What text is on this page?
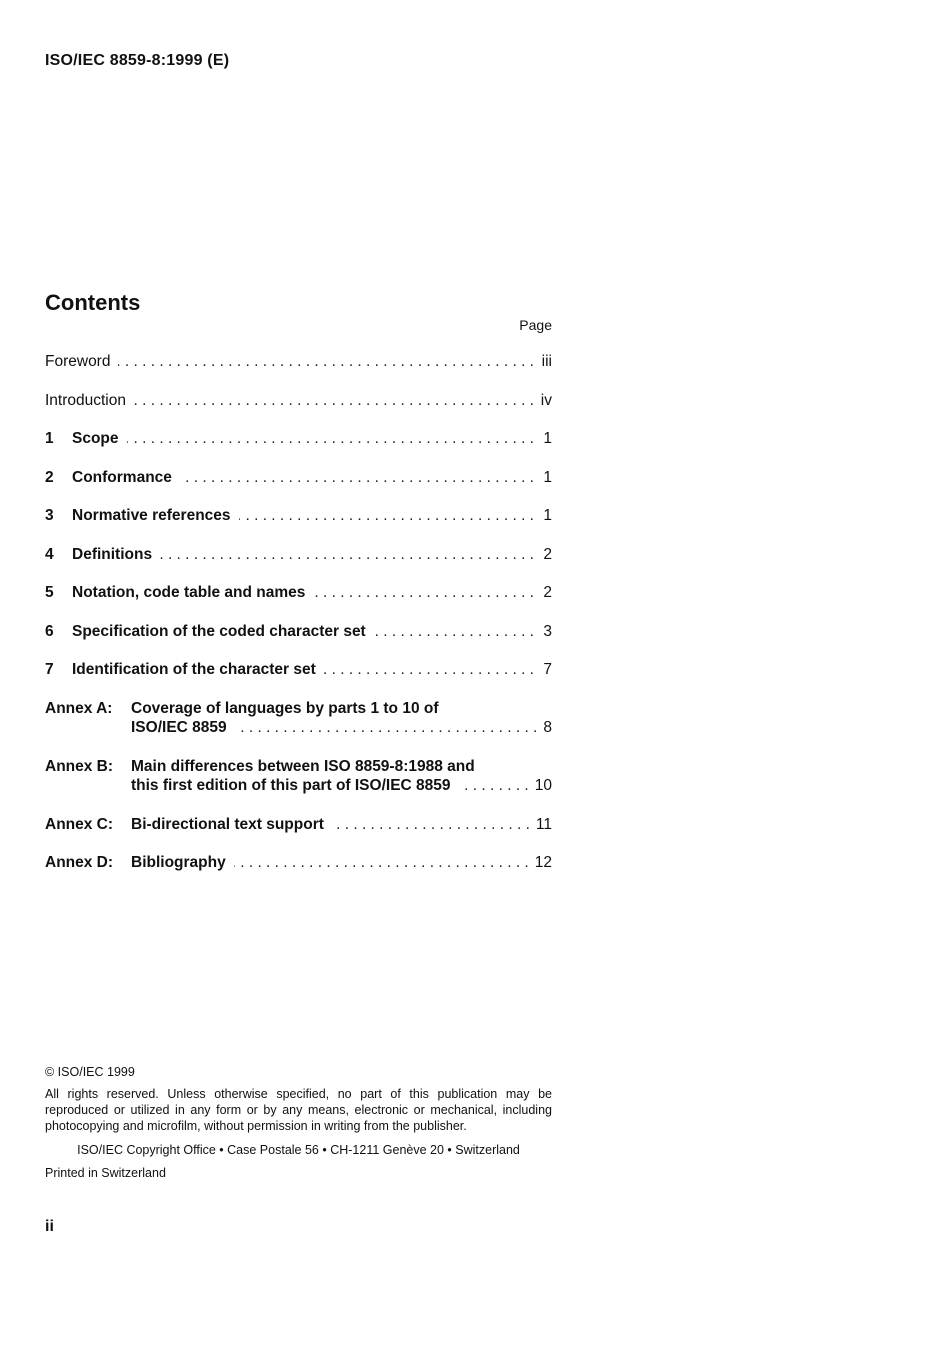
ISO/IEC 8859-8:1999 (E)
Contents
Page
Foreword . . .	iii
Introduction . . .	iv
1	Scope . . .	1
2	Conformance . . .	1
3	Normative references . . .	1
4	Definitions . . .	2
5	Notation, code table and names . . .	2
6	Specification of the coded character set . . .	3
7	Identification of the character set . . .	7
Annex A:	Coverage of languages by parts 1 to 10 of
ISO/IEC 8859 . . .	8
Annex B:	Main differences between ISO 8859-8:1988 and
this first edition of this part of ISO/IEC 8859 . . .	10
Annex C:	Bi-directional text support . . .	11
Annex D:	Bibliography . . .	12
© ISO/IEC 1999
All rights reserved. Unless otherwise specified, no part of this publication may be reproduced or utilized in any form or by any means, electronic or mechanical, including photocopying and microfilm, without permission in writing from the publisher.
ISO/IEC Copyright Office • Case Postale 56 • CH-1211 Genève 20 • Switzerland
Printed in Switzerland
ii
